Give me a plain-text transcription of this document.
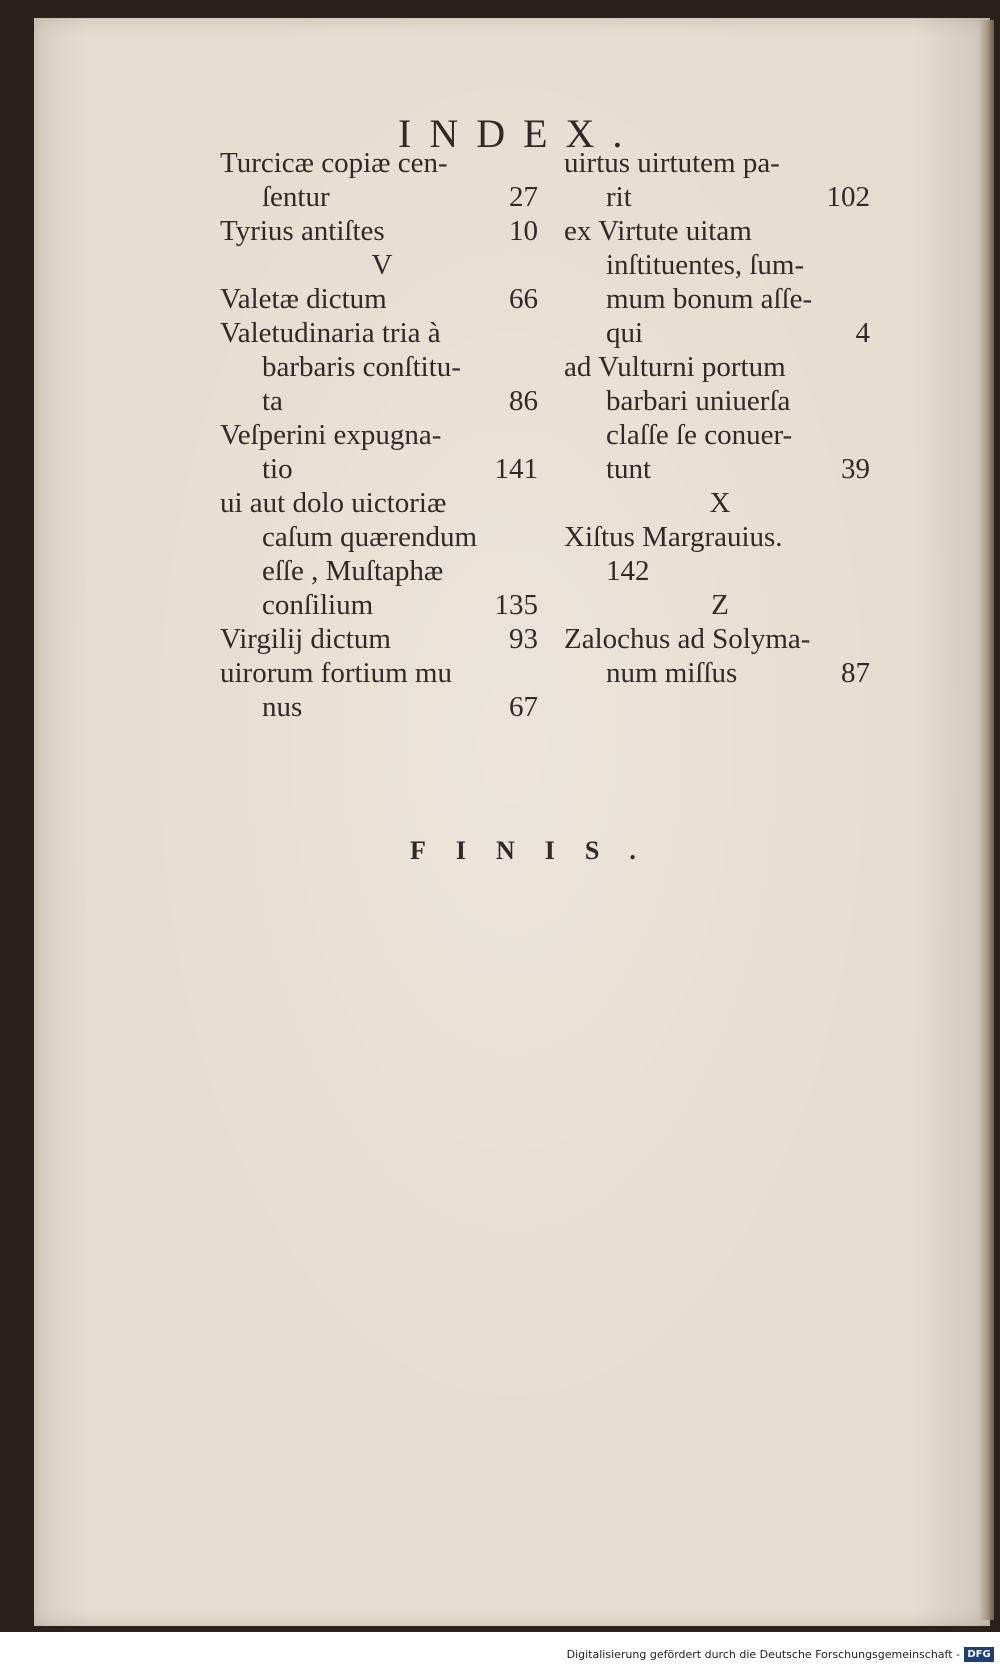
INDEX.
Turcicæ copiæ cen-
ſentur	27
Tyrius antiſtes	10
V
Valetæ dictum	66
Valetudinaria tria à
barbaris conſtitu-
ta	86
Veſperini expugna-
tio	141
ui aut dolo uictoriæ
caſum quærendum
eſſe , Muſtaphæ
conſilium	135
Virgilij dictum	93
uirorum fortium mu
nus	67
uirtus uirtutem pa-
rit	102
ex Virtute uitam
inſtituentes, ſum-
mum bonum aſſe-
qui	4
ad Vulturni portum
barbari uniuerſa
claſſe ſe conuer-
tunt	39
X
Xiſtus Margrauius.
142
Z
Zalochus ad Solyma-
num miſſus	87
FINIS.
Digitalisierung gefördert durch die Deutsche Forschungsgemeinschaft - DFG
